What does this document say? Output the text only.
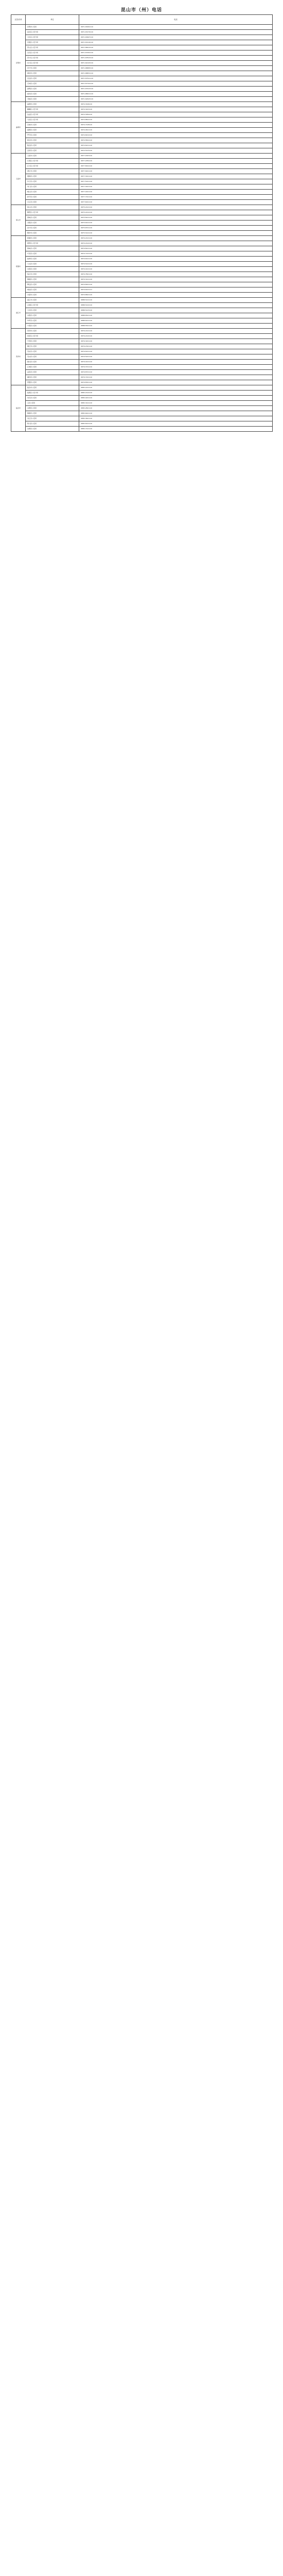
昆山市（州）电话
区县/市州	单位	电话
昆明市	昆明市公安局	0871-63061110
	盘龙区公安分局	0871-63179110
	五华区公安分局	0871-63647110
	官渡区公安分局	0871-63116110
	西山区公安分局	0871-68212110
	呈贡区公安分局	0871-67461110
	晋宁区公安分局	0871-67813110
	东川区公安分局	0871-62143110
	安宁市公安局	0871-68683110
	富民县公安局	0871-68831110
	宜良县公安局	0871-67521110
	石林县公安局	0871-67791110
	嵩明县公安局	0871-67913110
	禄劝县公安局	0871-68911110
	寻甸县公安局	0871-62623110
曲靖市	曲靖市公安局	0874-3196110
	麒麟区公安分局	0874-3223110
	沾益区公安分局	0874-3059110
	马龙区公安分局	0874-8812110
	宣威市公安局	0874-7128110
	富源县公安局	0874-4611110
	罗平县公安局	0874-8212110
	师宗县公安局	0874-5812110
	陆良县公安局	0874-6211110
	会泽县公安局	0874-5123110
玉溪市	玉溪市公安局	0877-2023110
	红塔区公安分局	0877-2054110
	江川区公安分局	0877-8012110
	澄江市公安局	0877-6911110
	通海县公安局	0877-3011110
	华宁县公安局	0877-5011110
	易门县公安局	0877-4911110
	峨山县公安局	0877-4011110
	新平县公安局	0877-7011110
	元江县公安局	0877-6011110
保山市	保山市公安局	0875-2121110
	隆阳区公安分局	0875-2212110
	施甸县公安局	0875-8121110
	龙陵县公安局	0875-6121110
	昌宁县公安局	0875-8721110
	腾冲市公安局	0875-5121110
昭通市	昭通市公安局	0870-2121110
	昭阳区公安分局	0870-2122110
	鲁甸县公安局	0870-8121110
	巧家县公安局	0870-7121110
	盐津县公安局	0870-6121110
	大关县公安局	0870-5121110
	永善县公安局	0870-4121110
	绥江县公安局	0870-7821110
	镇雄县公安局	0870-3121110
	彝良县公安局	0870-6421110
	威信县公安局	0870-6121111
	水富市公安局	0870-8621110
丽江市	丽江市公安局	0888-5121110
	古城区公安分局	0888-5122110
	玉龙县公安局	0888-5123110
	永胜县公安局	0888-6521110
	华坪县公安局	0888-6121110
	宁蒗县公安局	0888-5521110
普洱市	普洱市公安局	0879-2121110
	思茅区公安分局	0879-2122110
	宁洱县公安局	0879-3221110
	墨江县公安局	0879-2321110
	景东县公安局	0879-6121110
	景谷县公安局	0879-5221110
	镇沅县公安局	0879-4121110
	江城县公安局	0879-3721110
	孟连县公安局	0879-8721110
	澜沧县公安局	0879-7221110
	西盟县公安局	0879-8321110
临沧市	临沧市公安局	0883-2121110
	临翔区公安分局	0883-2122110
	凤庆县公安局	0883-4221110
	云县公安局	0883-3121110
	永德县公安局	0883-2821110
	镇康县公安局	0883-6421110
	双江县公安局	0883-3621110
	耿马县公安局	0883-6121110
	沧源县公安局	0883-7121110
